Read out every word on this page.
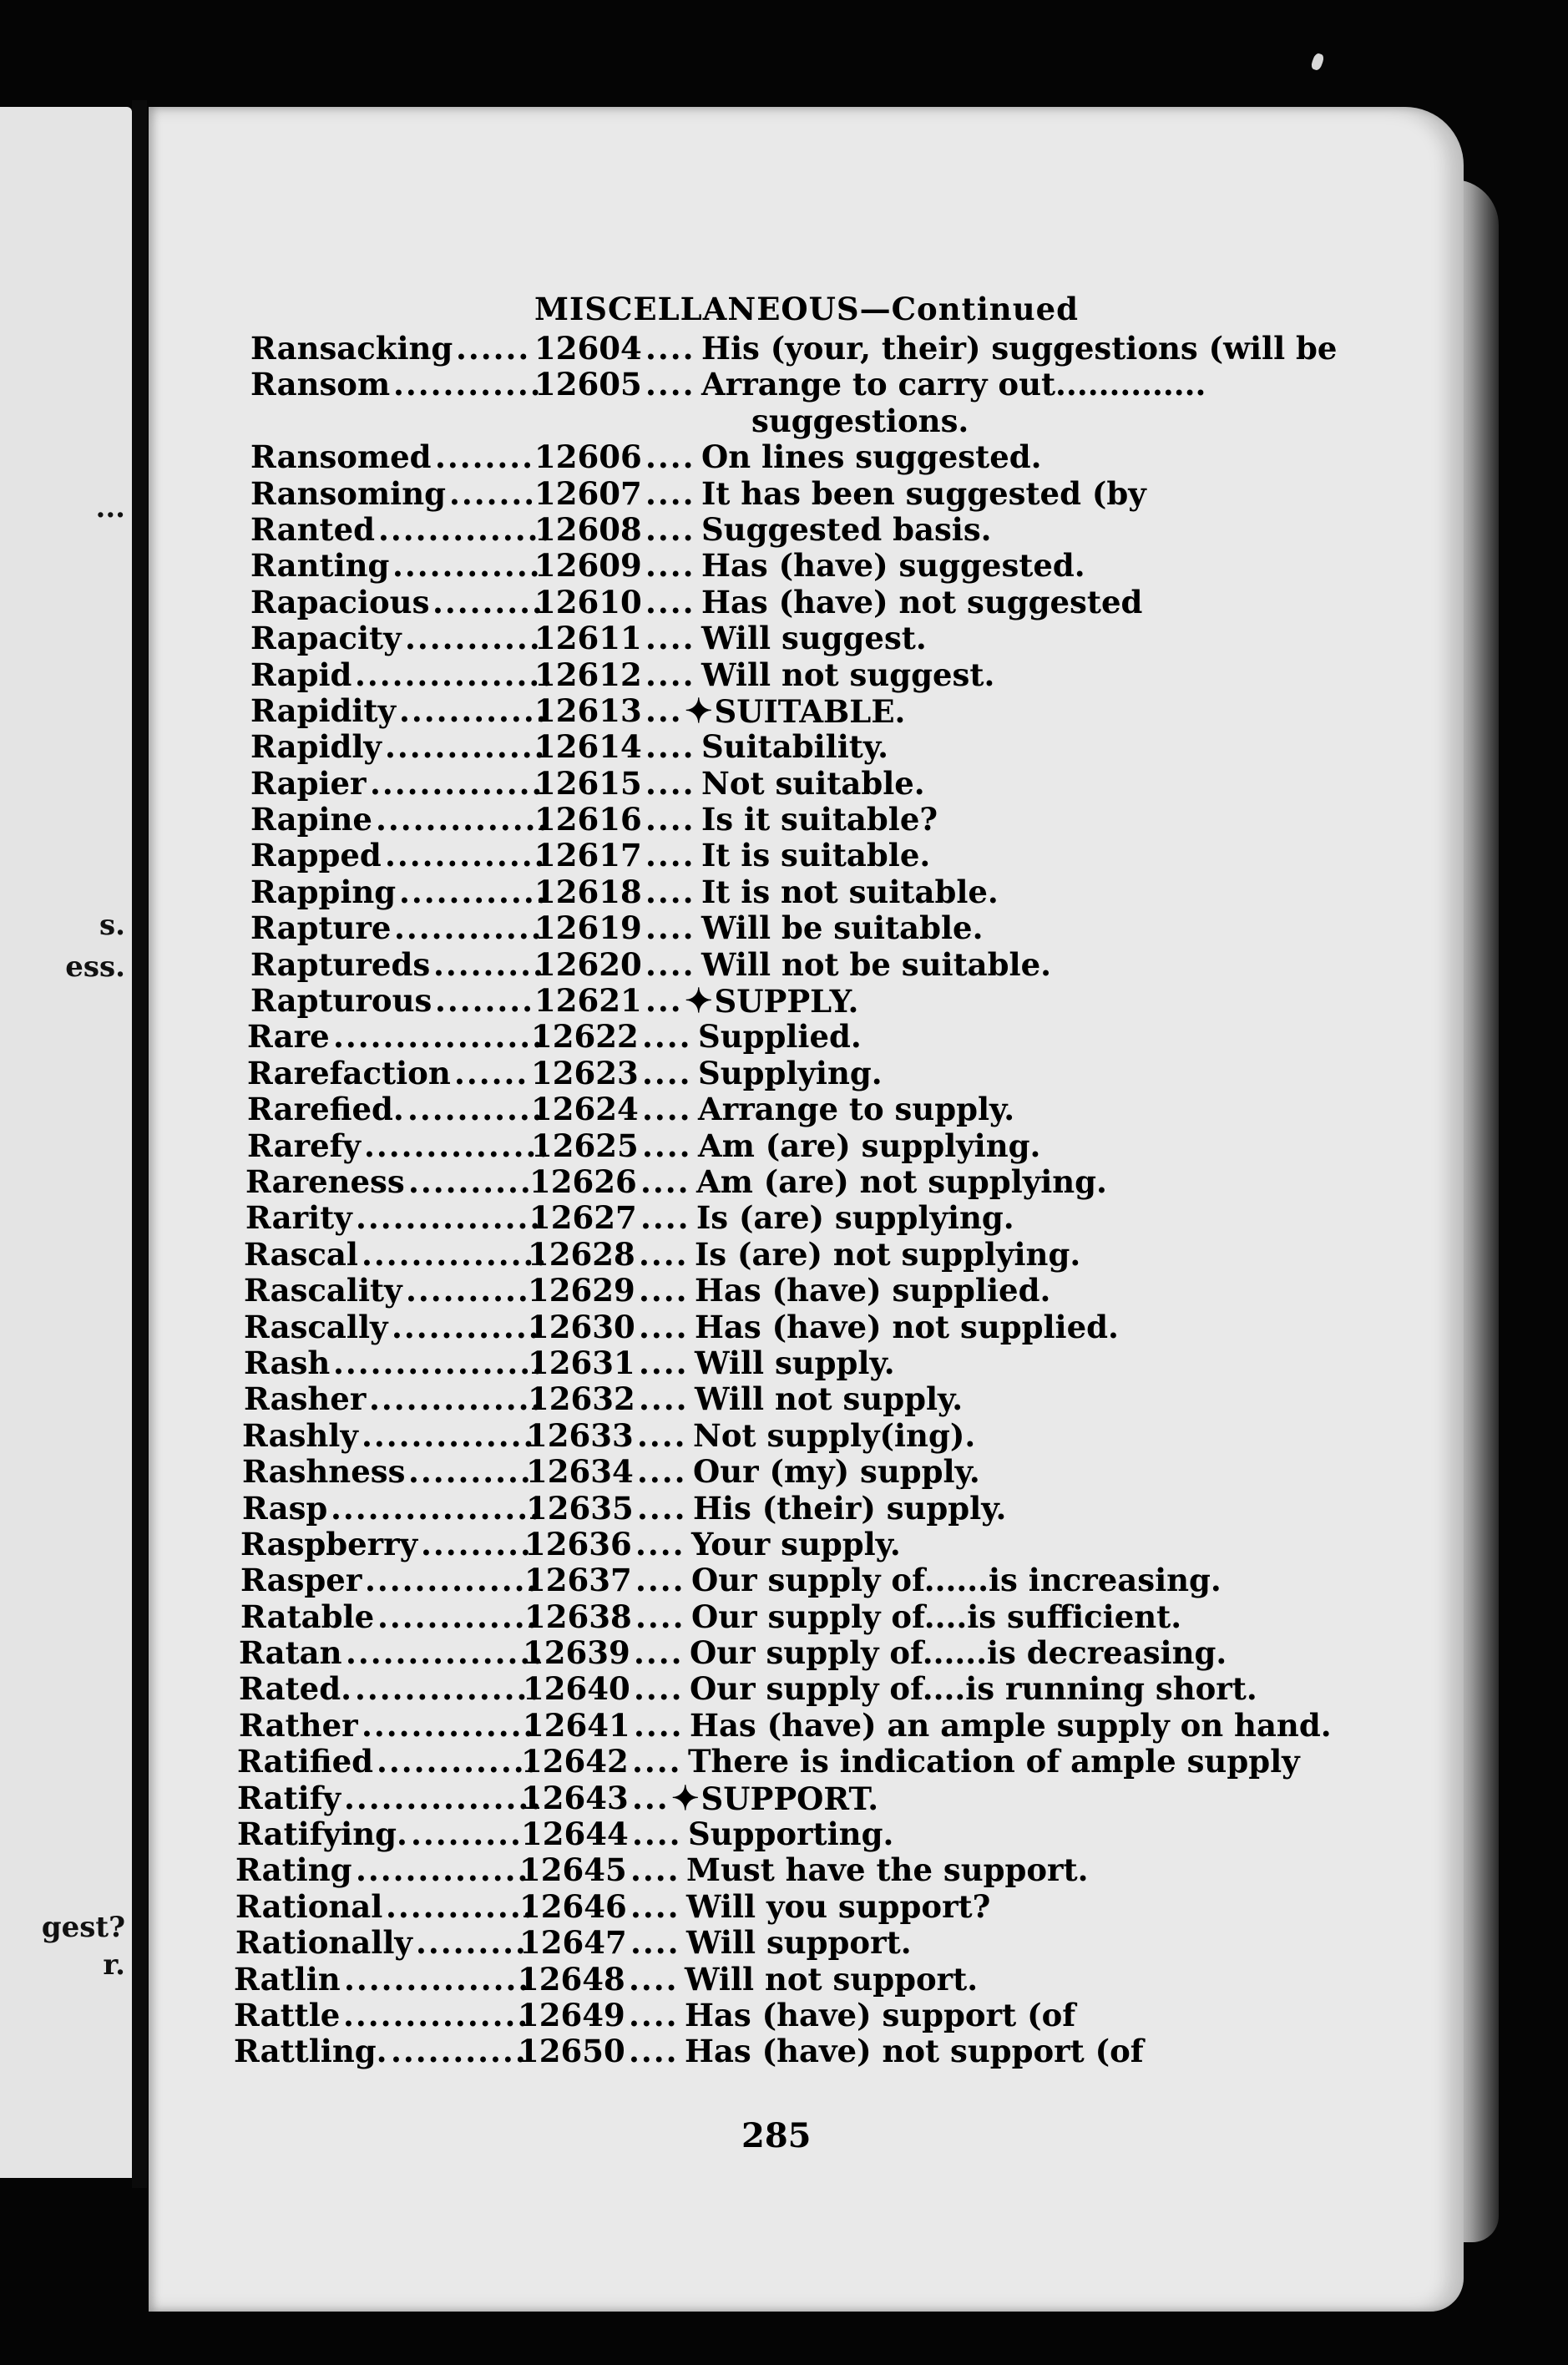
...
s.
ess.
gest?
r.
MISCELLANEOUS—Continued
Ransacking ...... 12604 .... His (your, their) suggestions (will be
Ransom ............
12605 .... Arrange to carry out..............
suggestions.
Ransomed ........ 12606 .... On lines suggested.
Ransoming .......
12607 .... It has been suggested (by
Ranted ..............
12608 .... Suggested basis.
Ranting ............
12609 .... Has (have) suggested.
Rapacious .........
12610 .... Has (have) not suggested
Rapacity ...........
12611 .... Will suggest.
Rapid ................
12612 .... Will not suggest.
Rapidity ............
12613 ... ✦SUITABLE.
Rapidly .............
12614 .... Suitability.
Rapier ..............
12615 .... Not suitable.
Rapine ..............
12616 .... Is it suitable?
Rapped .............
12617 .... It is suitable.
Rapping ............
12618 .... It is not suitable.
Rapture ............
12619 .... Will be suitable.
Raptureds .........
12620 .... Will not be suitable.
Rapturous ........ 12621 ... ✦SUPPLY.
Rare .................
12622 .... Supplied.
Rarefaction ...... 12623 .... Supplying.
Rarefied. ...........
12624 .... Arrange to supply.
Rarefy ...............
12625 .... Am (are) supplying.
Rareness ..........
12626 .... Am (are) not supplying.
Rarity ...............
12627 .... Is (are) supplying.
Rascal ...............
12628 .... Is (are) not supplying.
Rascality ..........
12629 .... Has (have) supplied.
Rascally ............
12630 .... Has (have) not supplied.
Rash .................
12631 .... Will supply.
Rasher ..............
12632 .... Will not supply.
Rashly ..............
12633 .... Not supply(ing).
Rashness ..........
12634 .... Our (my) supply.
Rasp .................
12635 .... His (their) supply.
Raspberry .........
12636 .... Your supply.
Rasper ..............
12637 .... Our supply of......is increasing.
Ratable .............
12638 .... Our supply of....is sufficient.
Ratan ................
12639 .... Our supply of......is decreasing.
Rated. ...............
12640 .... Our supply of....is running short.
Rather ..............
12641 .... Has (have) an ample supply on hand.
Ratified .............
12642 .... There is indication of ample supply
Ratify ................
12643 ... ✦SUPPORT.
Ratifying. .........
12644 .... Supporting.
Rating ..............
12645 .... Must have the support.
Rational ............
12646 .... Will you support?
Rationally .........
12647 .... Will support.
Ratlin ...............
12648 .... Will not support.
Rattle ...............
12649 .... Has (have) support (of
Rattling. ...........
12650 .... Has (have) not support (of
285
